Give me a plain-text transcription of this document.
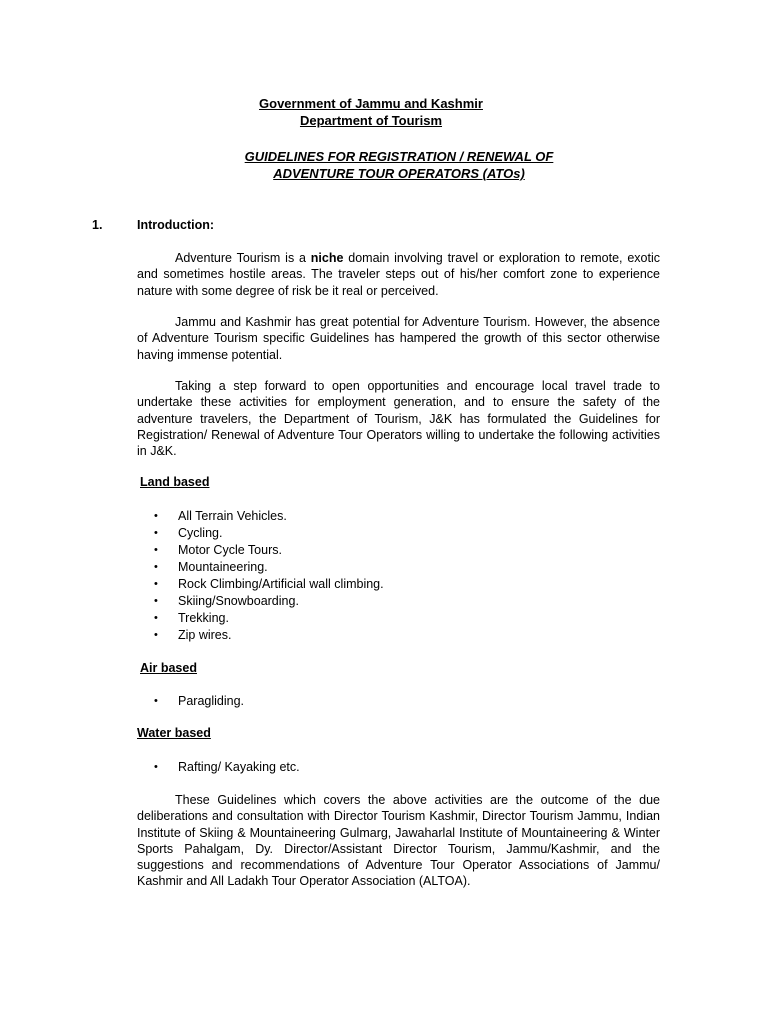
Government of Jammu and Kashmir
Department of Tourism
GUIDELINES FOR REGISTRATION / RENEWAL OF
ADVENTURE TOUR OPERATORS (ATOs)
1.	Introduction:

Adventure Tourism is a niche domain involving travel or exploration to remote, exotic and sometimes hostile areas. The traveler steps out of his/her comfort zone to experience nature with some degree of risk be it real or perceived.

Jammu and Kashmir has great potential for Adventure Tourism. However, the absence of Adventure Tourism specific Guidelines has hampered the growth of this sector otherwise having immense potential.

Taking a step forward to open opportunities and encourage local travel trade to undertake these activities for employment generation, and to ensure the safety of the adventure travelers, the Department of Tourism, J&K has formulated the Guidelines for Registration/ Renewal of Adventure Tour Operators willing to undertake the following activities in J&K.

Land based
• All Terrain Vehicles.
• Cycling.
• Motor Cycle Tours.
• Mountaineering.
• Rock Climbing/Artificial wall climbing.
• Skiing/Snowboarding.
• Trekking.
• Zip wires.
Air based
• Paragliding.
Water based
• Rafting/ Kayaking etc.

These Guidelines which covers the above activities are the outcome of the due deliberations and consultation with Director Tourism Kashmir, Director Tourism Jammu, Indian Institute of Skiing & Mountaineering Gulmarg, Jawaharlal Institute of Mountaineering & Winter Sports Pahalgam, Dy. Director/Assistant Director Tourism, Jammu/Kashmir, and the suggestions and recommendations of Adventure Tour Operator Associations of Jammu/ Kashmir and All Ladakh Tour Operator Association (ALTOA).
